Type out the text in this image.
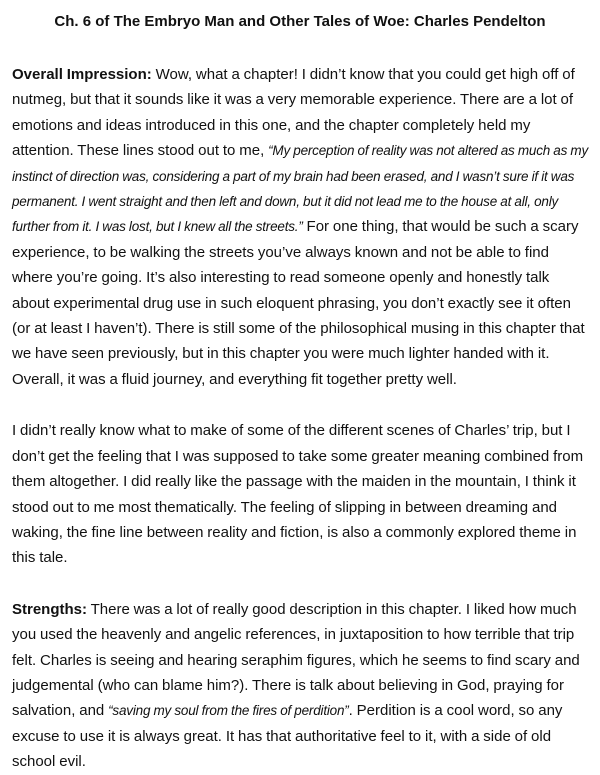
Ch. 6 of The Embryo Man and Other Tales of Woe: Charles Pendelton

Overall Impression: Wow, what a chapter! I didn’t know that you could get high off of nutmeg, but that it sounds like it was a very memorable experience. There are a lot of emotions and ideas introduced in this one, and the chapter completely held my attention. These lines stood out to me, “My perception of reality was not altered as much as my instinct of direction was, considering a part of my brain had been erased, and I wasn’t sure if it was permanent. I went straight and then left and down, but it did not lead me to the house at all, only further from it. I was lost, but I knew all the streets.” For one thing, that would be such a scary experience, to be walking the streets you’ve always known and not be able to find where you’re going. It’s also interesting to read someone openly and honestly talk about experimental drug use in such eloquent phrasing, you don’t exactly see it often (or at least I haven’t). There is still some of the philosophical musing in this chapter that we have seen previously, but in this chapter you were much lighter handed with it. Overall, it was a fluid journey, and everything fit together pretty well.

I didn’t really know what to make of some of the different scenes of Charles’ trip, but I don’t get the feeling that I was supposed to take some greater meaning combined from them altogether. I did really like the passage with the maiden in the mountain, I think it stood out to me most thematically. The feeling of slipping in between dreaming and waking, the fine line between reality and fiction, is also a commonly explored theme in this tale.

Strengths: There was a lot of really good description in this chapter. I liked how much you used the heavenly and angelic references, in juxtaposition to how terrible that trip felt. Charles is seeing and hearing seraphim figures, which he seems to find scary and judgemental (who can blame him?). There is talk about believing in God, praying for salvation, and “saving my soul from the fires of perdition”. Perdition is a cool word, so any excuse to use it is always great. It has that authoritative feel to it, with a side of old school evil.
